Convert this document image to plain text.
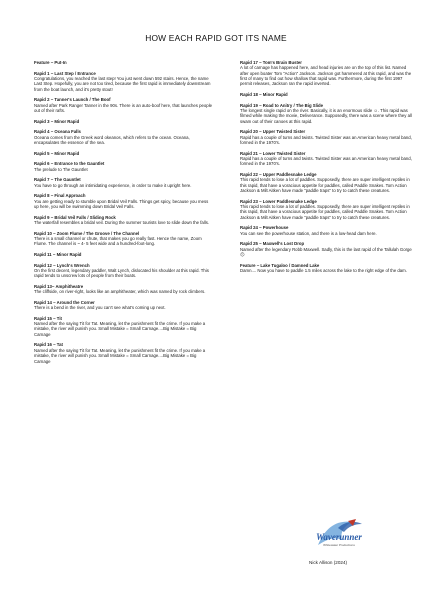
HOW EACH RAPID GOT ITS NAME
Feature ~ Put-In
Rapid 1 ~ Last Step / Entrance

Congratulations, you reached the last step! You just went down 592 stairs. Hence, the name Last Step. Hopefully, you are not too tired, because the first rapid is immediately downstream from the boat launch, and it's pretty stout!

Rapid 2 ~ Tanner's Launch / The Boof

Named after Park Ranger Tanner in the 90s. There is an auto-boof here, that launches people out of their rafts.

Rapid 3 ~ Minor Rapid
Rapid 4 ~ Oceana Falls

Oceana comes from the Greek word okeanos, which refers to the ocean. Oceana, encapsulates the essence of the sea.

Rapid 5 ~ Minor Rapid
Rapid 6 ~ Entrance to the Gauntlet

The prelude to The Gauntlet

Rapid 7 ~ The Gauntlet

You have to go through an intimidating experience, in order to make it upright here.

Rapid 8 ~ Final Approach

You are getting ready to stumble upon Bridal Veil Falls. Things get spicy, because you mess up here, you will be swimming down Bridal Veil Falls.

Rapid 9 ~ Bridal Veil Falls / Sliding Rock

The waterfall resembles a bridal veil. During the summer tourists love to slide down the falls.

Rapid 10 ~ Zoom Flume / The Groove / The Channel

There is a small channel or chute, that makes you go really fast. Hence the name, Zoom Flume. The channel is ~ 4- 5 feet wide and a hundred-foot-long.

Rapid 11 ~ Minor Rapid
Rapid 12 ~ Lynch's Wrench

On the first decent, legendary paddler, Walt Lynch, dislocated his shoulder at this rapid. This rapid tends to unscrew lots of people from their boats.

Rapid 13~ Amphitheatre

The cliffside, on river-right, looks like an amphitheater, which was named by rock climbers.

Rapid 14 ~ Around the Corner

There is a bend in the river, and you can't see what's coming up next.

Rapid 15 ~ Tit

Named after the saying Tit for Tat. Meaning, let the punishment fit the crime. If you make a mistake, the river will punish you. Small Mistake = Small Carnage....Big Mistake = Big Carnage

Rapid 16 ~ Tat

Named after the saying Tit for Tat. Meaning, let the punishment fit the crime. If you make a mistake, the river will punish you. Small Mistake = Small Carnage....Big Mistake = Big Carnage

Rapid 17 ~ Tom's Brain Buster

A lot of carnage has happened here, and head injuries are on the top of this list. Named after open boater Tom "Action" Jackson. Jackson got hammered at this rapid, and was the first of many to find out how shallow that rapid was. Furthermore, during the first 1997 permit releases, Jackson ran the rapid inverted.

Rapid 18 ~ Minor Rapid
Rapid 19 ~ Road to Anitry / The Big Slide

The longest single rapid on the river. Basically, it is an enormous slide ☺. This rapid was filmed while making the movie, Deliverance. Supposedly, there was a scene where they all swam out of their canoes at this rapid.

Rapid 20 ~ Upper Twisted Sister

Rapid has a couple of turns and twists. Twisted Sister was an American heavy metal band, formed in the 1970's.

Rapid 21 ~ Lower Twisted Sister

Rapid has a couple of turns and twists. Twisted Sister was an American heavy metal band, formed in the 1970's.

Rapid 22 ~ Upper Paddlesnake Ledge

This rapid tends to lose a lot of paddles. Supposedly, there are super intelligent reptiles in this rapid, that have a voracious appetite for paddles, called Paddle Snakes. Tom Action Jackson & Milt Aitken have made "paddle traps" to try to catch these creatures.

Rapid 23 ~ Lower Paddlesnake Ledge

This rapid tends to lose a lot of paddles. Supposedly, there are super intelligent reptiles in this rapid, that have a voracious appetite for paddles, called Paddle Snakes. Tom Action Jackson & Milt Aitken have made "paddle traps" to try to catch these creatures.

Rapid 24 ~ Powerhouse

You can see the powerhouse station, and there is a low-head dam here.

Rapid 25 ~ Maxwell's Lost Drop

Named after the legendary Robb Maxwell. Sadly, this is the last rapid of the Tallulah Gorge ☹

Feature ~ Lake Tugaloo / Damned Lake

Damn.... Now you have to paddle 1.5 miles across the lake to the right edge of the dam.

Waverunner
Whitewater Productions
Nick Allison (2024)
